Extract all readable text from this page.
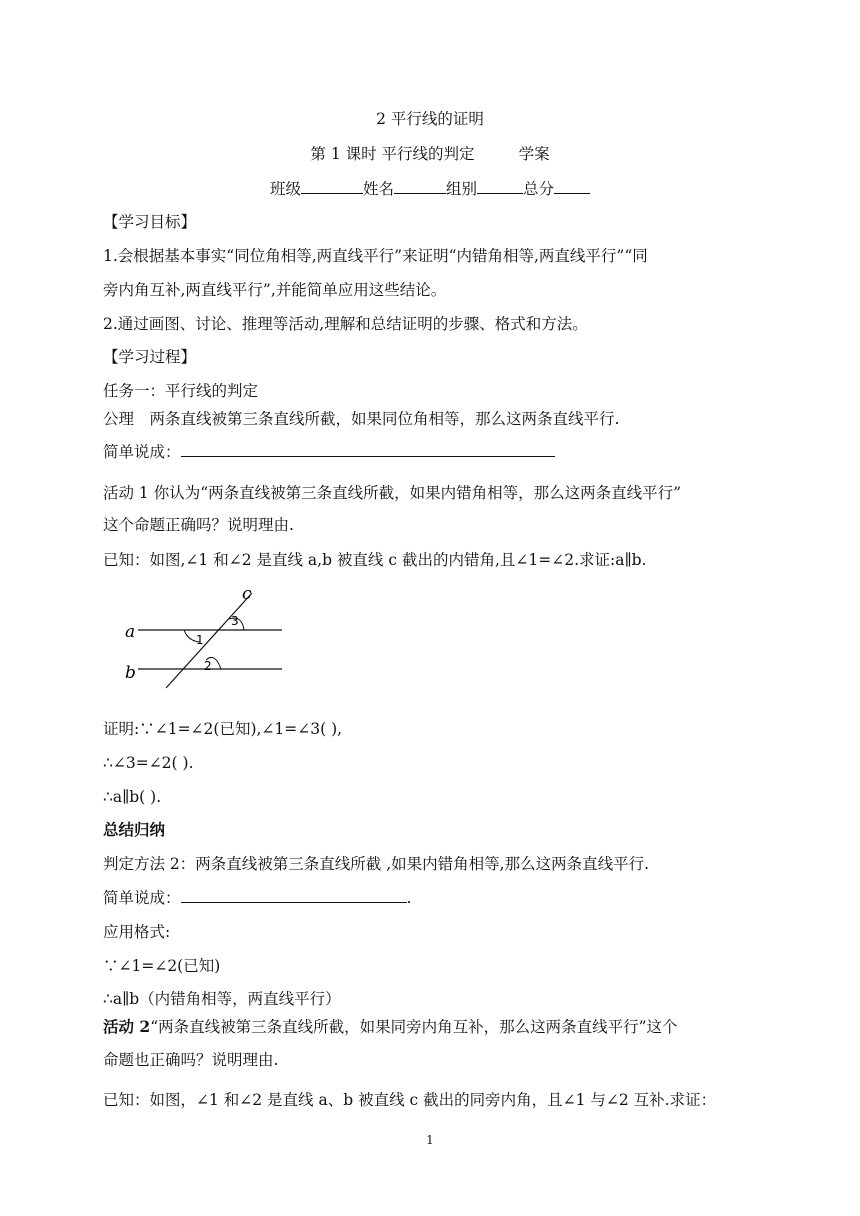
2 平行线的证明
第 1 课时 平行线的判定	学案
班级	姓名	组别	总分
【学习目标】
1.会根据基本事实“同位角相等,两直线平行”来证明“内错角相等,两直线平行”“同
旁内角互补,两直线平行”,并能简单应用这些结论。
2.通过画图、讨论、推理等活动,理解和总结证明的步骤、格式和方法。
【学习过程】
任务一：平行线的判定
公理　两条直线被第三条直线所截，如果同位角相等，那么这两条直线平行.
简单说成：
活动 1 你认为“两条直线被第三条直线所截，如果内错角相等，那么这两条直线平行”
这个命题正确吗？说明理由.
已知：如图,∠1 和∠2 是直线 a,b 被直线 c 截出的内错角,且∠1=∠2.求证:a∥b.
a
b
c
1
2
3
证明:∵∠1=∠2(已知),∠1=∠3( ),
∴∠3=∠2( ).
∴a∥b( ).
总结归纳
判定方法 2：两条直线被第三条直线所截 ,如果内错角相等,那么这两条直线平行.
简单说成：	.
应用格式:
∵∠1=∠2(已知)
∴a∥b（内错角相等，两直线平行）
活动 2“两条直线被第三条直线所截，如果同旁内角互补，那么这两条直线平行”这个
命题也正确吗？说明理由.
已知：如图，∠1 和∠2 是直线 a、b 被直线 c 截出的同旁内角，且∠1 与∠2 互补.求证：
1
